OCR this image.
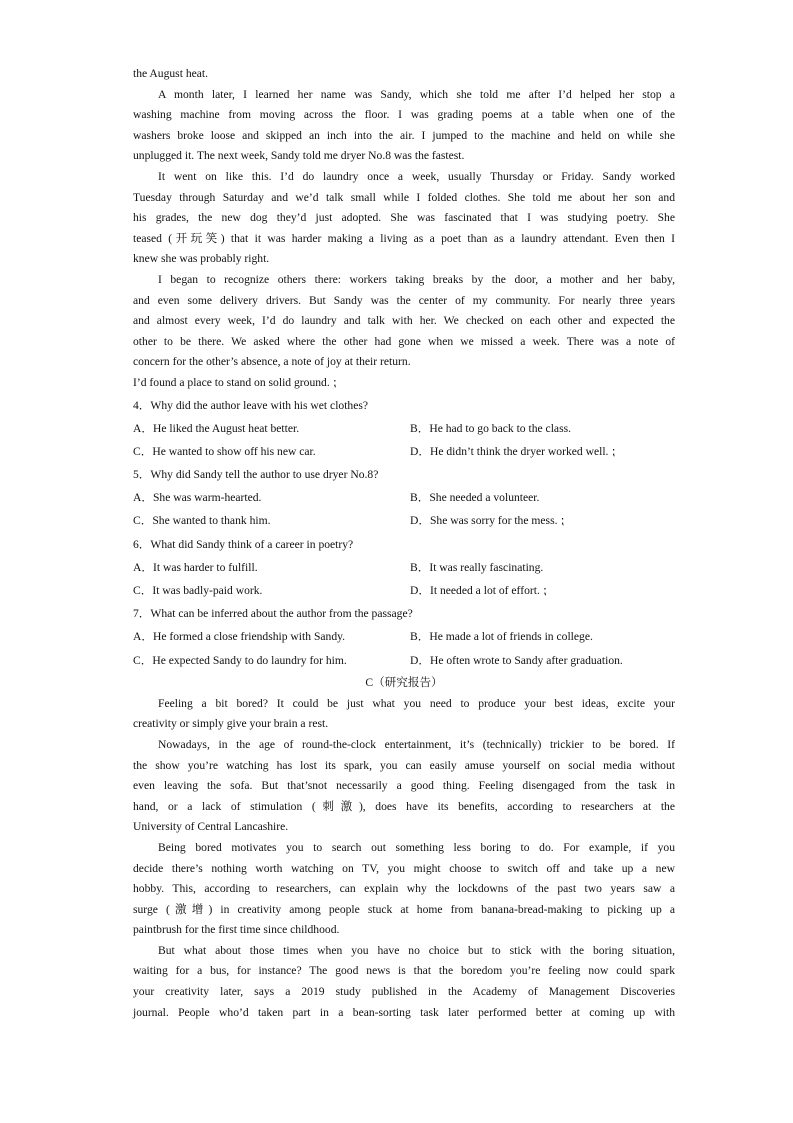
the August heat.
A month later, I learned her name was Sandy, which she told me after I’d helped her stop a
washing machine from moving across the floor. I was grading poems at a table when one of the
washers broke loose and skipped an inch into the air. I jumped to the machine and held on while she
unplugged it. The next week, Sandy told me dryer No.8 was the fastest.
It went on like this. I’d do laundry once a week, usually Thursday or Friday. Sandy worked
Tuesday through Saturday and we’d talk small while I folded clothes. She told me about her son and
his grades, the new dog they’d just adopted. She was fascinated that I was studying poetry. She
teased (开玩笑) that it was harder making a living as a poet than as a laundry attendant. Even then I
knew she was probably right.
I began to recognize others there: workers taking breaks by the door, a mother and her baby,
and even some delivery drivers. But Sandy was the center of my community. For nearly three years
and almost every week, I’d do laundry and talk with her. We checked on each other and expected the
other to be there. We asked where the other had gone when we missed a week. There was a note of
concern for the other’s absence, a note of joy at their return.
I’d found a place to stand on solid ground. ⁏
4．Why did the author leave with his wet clothes?
A．He liked the August heat better.	B．He had to go back to the class.
C．He wanted to show off his new car.	D．He didn’t think the dryer worked well. ⁏
5．Why did Sandy tell the author to use dryer No.8?
A．She was warm-hearted.	B．She needed a volunteer.
C．She wanted to thank him.	D．She was sorry for the mess. ⁏
6．What did Sandy think of a career in poetry?
A．It was harder to fulfill.	B．It was really fascinating.
C．It was badly-paid work.	D．It needed a lot of effort. ⁏
7．What can be inferred about the author from the passage?
A．He formed a close friendship with Sandy.	B．He made a lot of friends in college.
C．He expected Sandy to do laundry for him.	D．He often wrote to Sandy after graduation.
C（研究报告）
Feeling a bit bored? It could be just what you need to produce your best ideas, excite your
creativity or simply give your brain a rest.
Nowadays, in the age of round-the-clock entertainment, it’s (technically) trickier to be bored. If
the show you’re watching has lost its spark, you can easily amuse yourself on social media without
even leaving the sofa. But that’snot necessarily a good thing. Feeling disengaged from the task in
hand, or a lack of stimulation (刺激), does have its benefits, according to researchers at the
University of Central Lancashire.
Being bored motivates you to search out something less boring to do. For example, if you
decide there’s nothing worth watching on TV, you might choose to switch off and take up a new
hobby. This, according to researchers, can explain why the lockdowns of the past two years saw a
surge (激增) in creativity among people stuck at home from banana-bread-making to picking up a
paintbrush for the first time since childhood.
But what about those times when you have no choice but to stick with the boring situation,
waiting for a bus, for instance? The good news is that the boredom you’re feeling now could spark
your creativity later, says a 2019 study published in the Academy of Management Discoveries
journal. People who’d taken part in a bean-sorting task later performed better at coming up with
